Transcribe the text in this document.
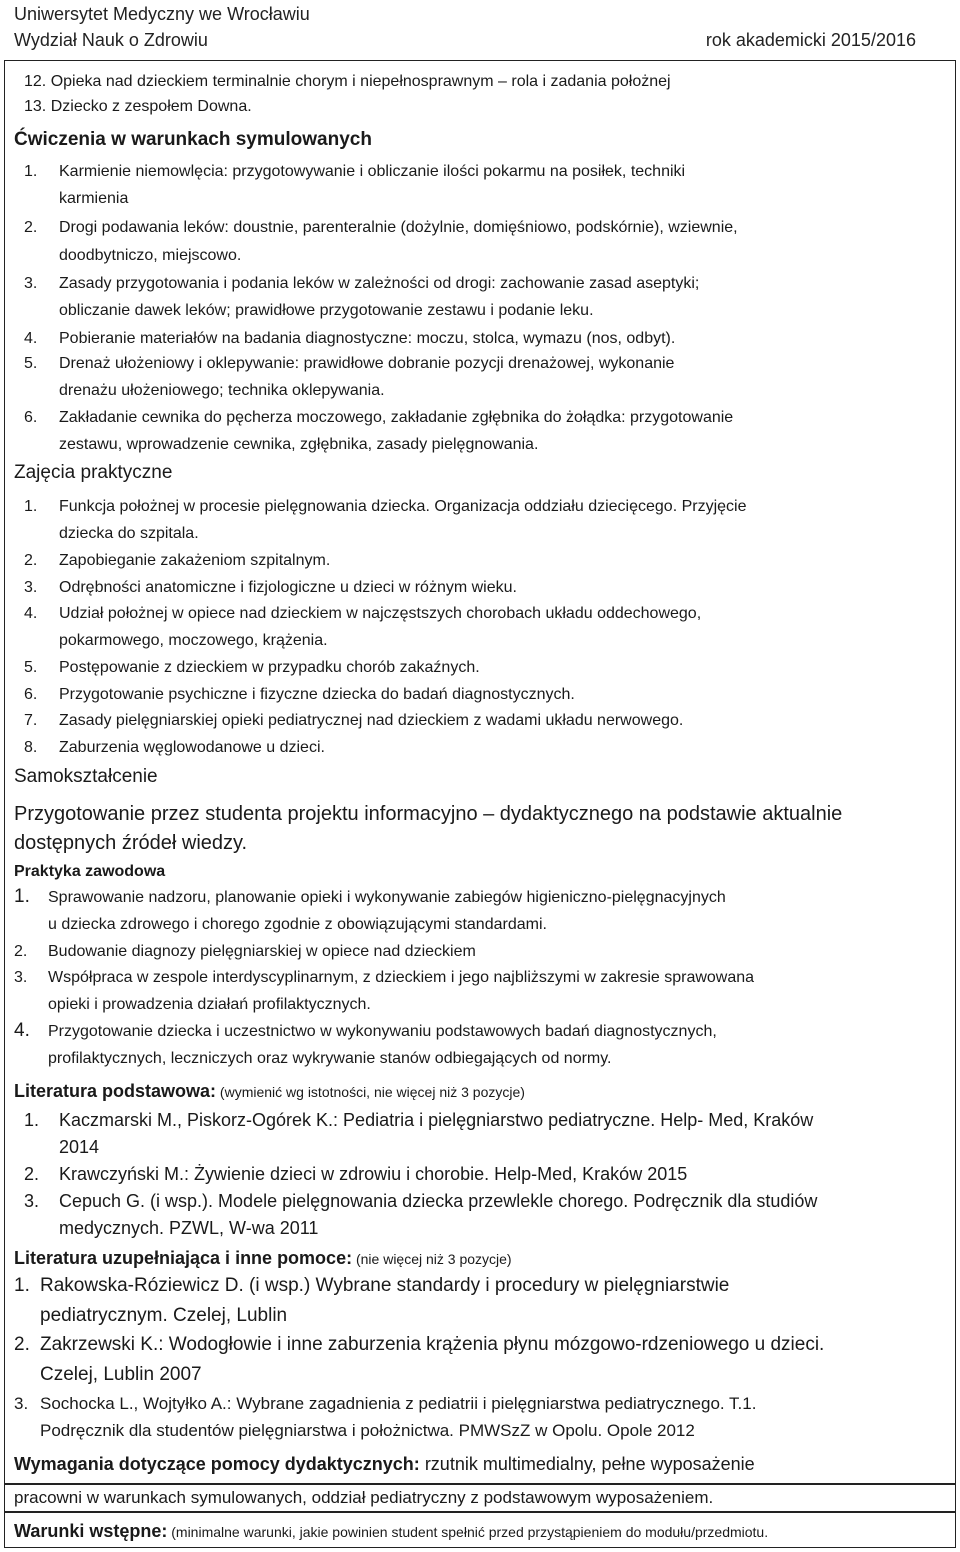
Uniwersytet Medyczny we Wrocławiu
Wydział Nauk o Zdrowiu	rok akademicki 2015/2016
12. Opieka nad dzieckiem terminalnie chorym i niepełnosprawnym – rola i zadania położnej
13. Dziecko z zespołem Downa.
Ćwiczenia w warunkach symulowanych
1. Karmienie niemowlęcia: przygotowywanie i obliczanie ilości pokarmu na posiłek, techniki
karmienia
2. Drogi podawania leków: doustnie, parenteralnie (dożylnie, domięśniowo, podskórnie), wziewnie,
doodbytniczo, miejscowo.
3. Zasady przygotowania i podania leków w zależności od drogi: zachowanie zasad aseptyki;
obliczanie dawek leków; prawidłowe przygotowanie zestawu i podanie leku.
4. Pobieranie materiałów na badania diagnostyczne: moczu, stolca, wymazu (nos, odbyt).
5. Drenaż ułożeniowy i oklepywanie: prawidłowe dobranie pozycji drenażowej, wykonanie
drenażu ułożeniowego; technika oklepywania.
6. Zakładanie cewnika do pęcherza moczowego, zakładanie zgłębnika do żołądka: przygotowanie
zestawu, wprowadzenie cewnika, zgłębnika, zasady pielęgnowania.
Zajęcia praktyczne
1. Funkcja położnej w procesie pielęgnowania dziecka. Organizacja oddziału dziecięcego. Przyjęcie
dziecka do szpitala.
2. Zapobieganie zakażeniom szpitalnym.
3. Odrębności anatomiczne i fizjologiczne u dzieci w różnym wieku.
4. Udział położnej w opiece nad dzieckiem w najczęstszych chorobach układu oddechowego,
pokarmowego, moczowego, krążenia.
5. Postępowanie z dzieckiem w przypadku chorób zakaźnych.
6. Przygotowanie psychiczne i fizyczne dziecka do badań diagnostycznych.
7. Zasady pielęgniarskiej opieki pediatrycznej nad dzieckiem z wadami układu nerwowego.
8. Zaburzenia węglowodanowe u dzieci.
Samokształcenie
Przygotowanie przez studenta projektu informacyjno – dydaktycznego na podstawie aktualnie
dostępnych źródeł wiedzy.
Praktyka zawodowa
1. Sprawowanie nadzoru, planowanie opieki i wykonywanie zabiegów higieniczno-pielęgnacyjnych
u dziecka zdrowego i chorego zgodnie z obowiązującymi standardami.
2. Budowanie diagnozy pielęgniarskiej w opiece nad dzieckiem
3. Współpraca w zespole interdyscyplinarnym, z dzieckiem i jego najbliższymi w zakresie sprawowana
opieki i prowadzenia działań profilaktycznych.
4. Przygotowanie dziecka i uczestnictwo w wykonywaniu podstawowych badań diagnostycznych,
profilaktycznych, leczniczych oraz wykrywanie stanów odbiegających od normy.
Literatura podstawowa: (wymienić wg istotności, nie więcej niż 3 pozycje)
1. Kaczmarski M., Piskorz-Ogórek K.: Pediatria i pielęgniarstwo pediatryczne. Help- Med, Kraków
2014
2. Krawczyński M.: Żywienie dzieci w zdrowiu i chorobie. Help-Med, Kraków 2015
3. Cepuch G. (i wsp.). Modele pielęgnowania dziecka przewlekle chorego. Podręcznik dla studiów
medycznych. PZWL, W-wa 2011
Literatura uzupełniająca i inne pomoce: (nie więcej niż 3 pozycje)
1. Rakowska-Róziewicz D. (i wsp.) Wybrane standardy i procedury w pielęgniarstwie
pediatrycznym. Czelej, Lublin
2. Zakrzewski K.: Wodogłowie i inne zaburzenia krążenia płynu mózgowo-rdzeniowego u dzieci.
Czelej, Lublin 2007
3. Sochocka L., Wojtyłko A.: Wybrane zagadnienia z pediatrii i pielęgniarstwa pediatrycznego. T.1.
Podręcznik dla studentów pielęgniarstwa i położnictwa. PMWSzZ w Opolu. Opole 2012
Wymagania dotyczące pomocy dydaktycznych: rzutnik multimedialny, pełne wyposażenie
pracowni w warunkach symulowanych, oddział pediatryczny z podstawowym wyposażeniem.
Warunki wstępne: (minimalne warunki, jakie powinien student spełnić przed przystąpieniem do modułu/przedmiotu.
